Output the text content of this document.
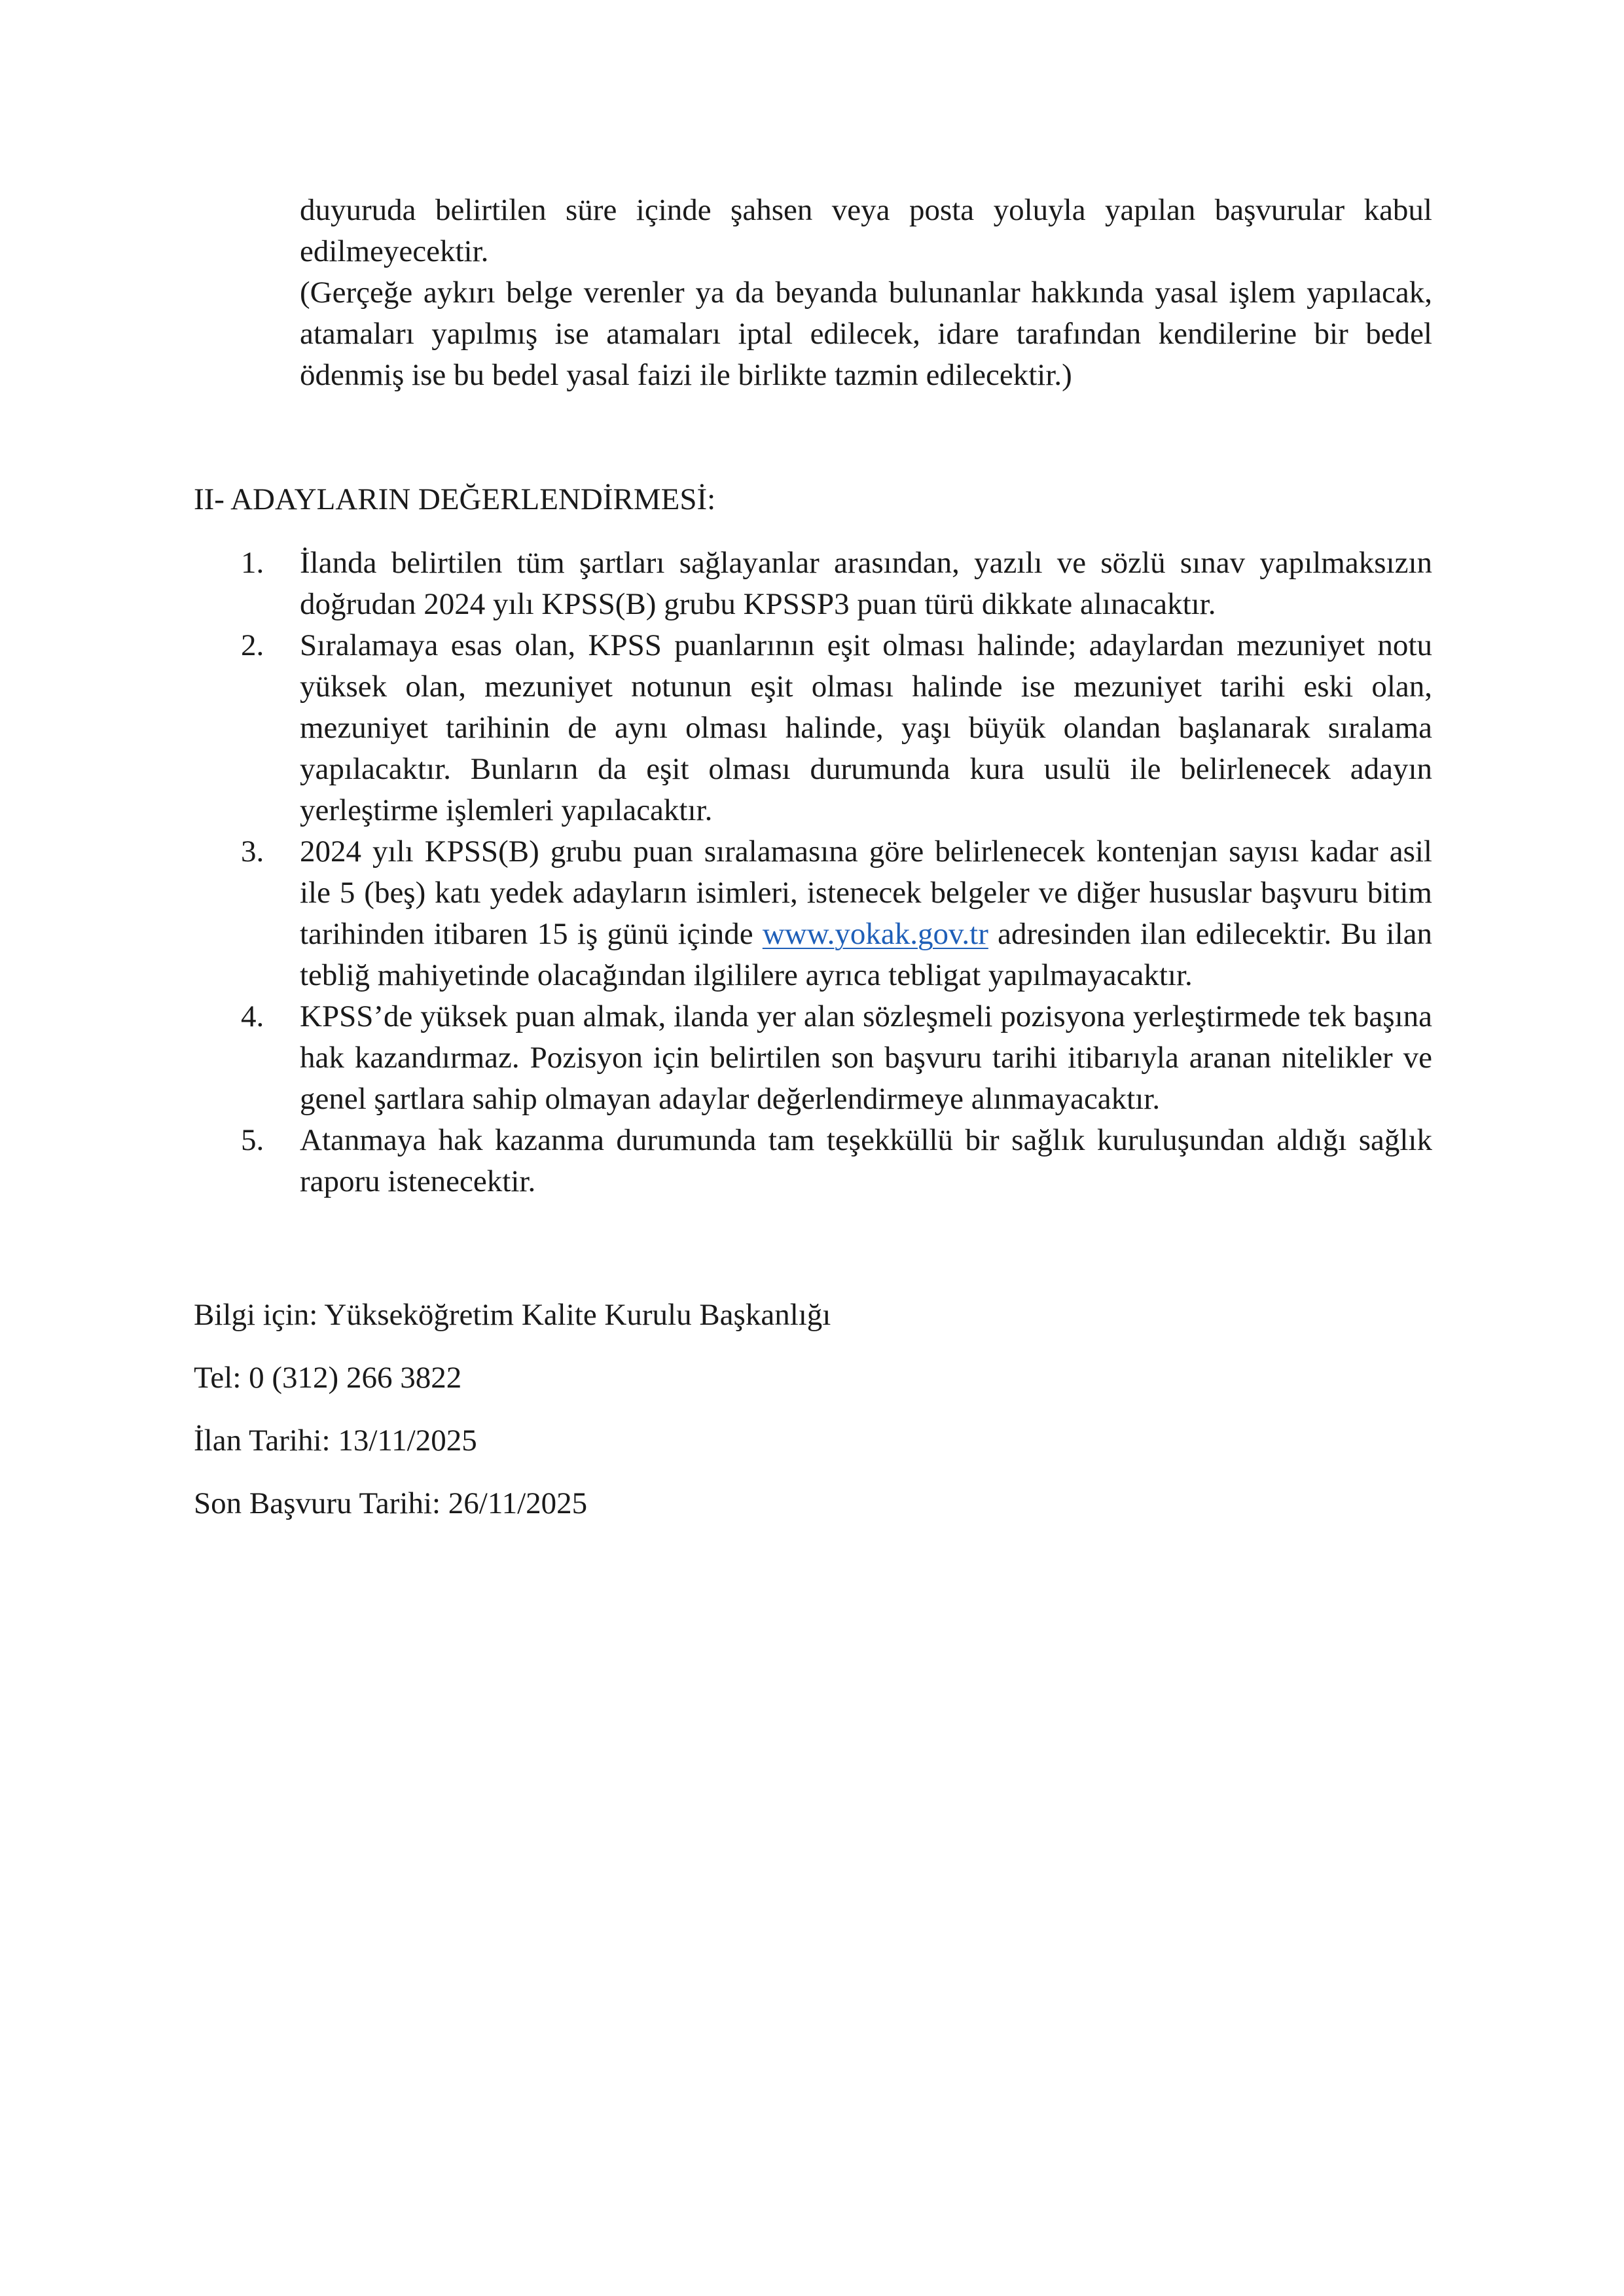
duyuruda belirtilen süre içinde şahsen veya posta yoluyla yapılan başvurular kabul edilmeyecektir.

(Gerçeğe aykırı belge verenler ya da beyanda bulunanlar hakkında yasal işlem yapılacak, atamaları yapılmış ise atamaları iptal edilecek, idare tarafından kendilerine bir bedel ödenmiş ise bu bedel yasal faizi ile birlikte tazmin edilecektir.)

II- ADAYLARIN DEĞERLENDİRMESİ:
1. İlanda belirtilen tüm şartları sağlayanlar arasından, yazılı ve sözlü sınav yapılmaksızın doğrudan 2024 yılı KPSS(B) grubu KPSSP3 puan türü dikkate alınacaktır.
2. Sıralamaya esas olan, KPSS puanlarının eşit olması halinde; adaylardan mezuniyet notu yüksek olan, mezuniyet notunun eşit olması halinde ise mezuniyet tarihi eski olan, mezuniyet tarihinin de aynı olması halinde, yaşı büyük olandan başlanarak sıralama yapılacaktır. Bunların da eşit olması durumunda kura usulü ile belirlenecek adayın yerleştirme işlemleri yapılacaktır.
3. 2024 yılı KPSS(B) grubu puan sıralamasına göre belirlenecek kontenjan sayısı kadar asil ile 5 (beş) katı yedek adayların isimleri, istenecek belgeler ve diğer hususlar başvuru bitim tarihinden itibaren 15 iş günü içinde www.yokak.gov.tr adresinden ilan edilecektir. Bu ilan tebliğ mahiyetinde olacağından ilgililere ayrıca tebligat yapılmayacaktır.
4. KPSS’de yüksek puan almak, ilanda yer alan sözleşmeli pozisyona yerleştirmede tek başına hak kazandırmaz. Pozisyon için belirtilen son başvuru tarihi itibarıyla aranan nitelikler ve genel şartlara sahip olmayan adaylar değerlendirmeye alınmayacaktır.
5. Atanmaya hak kazanma durumunda tam teşekküllü bir sağlık kuruluşundan aldığı sağlık raporu istenecektir.
Bilgi için: Yükseköğretim Kalite Kurulu Başkanlığı
Tel: 0 (312) 266 3822
İlan Tarihi: 13/11/2025
Son Başvuru Tarihi: 26/11/2025
